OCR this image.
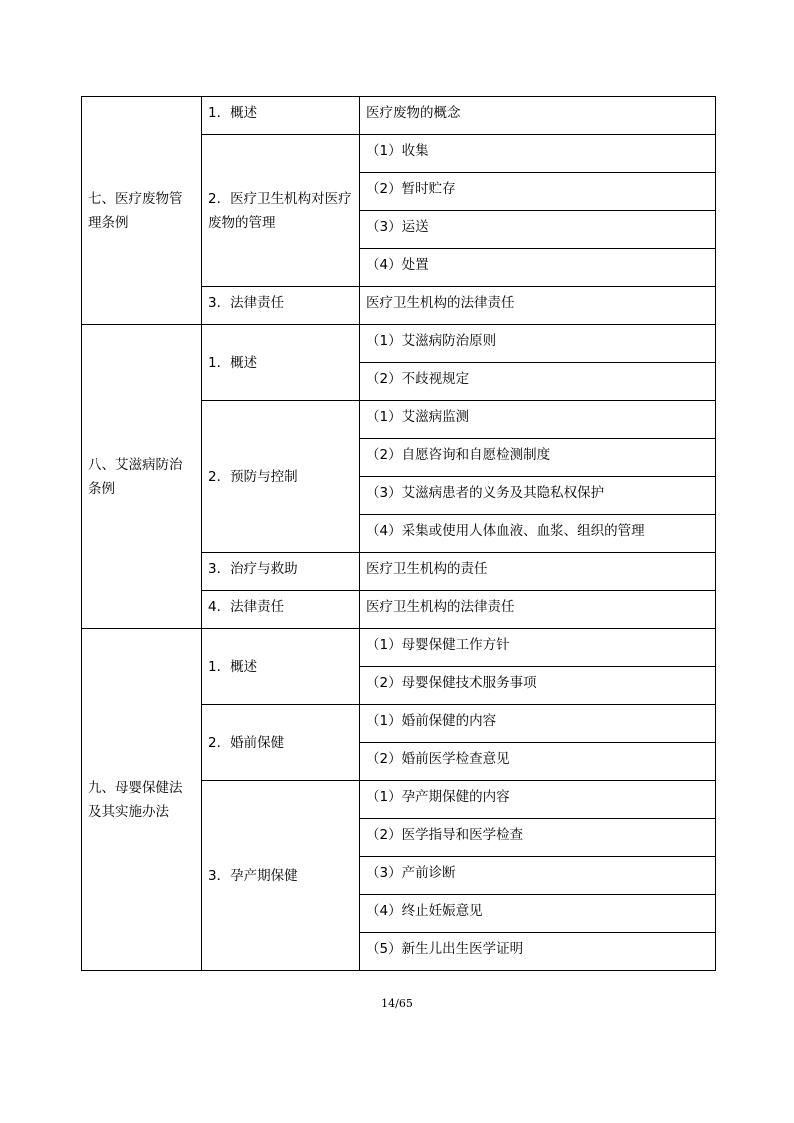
七、医疗废物管理条例	1．概述	医疗废物的概念
	2．医疗卫生机构对医疗废物的管理	（1）收集
		（2）暂时贮存
		（3）运送
		（4）处置
	3．法律责任	医疗卫生机构的法律责任
八、艾滋病防治条例	1．概述	（1）艾滋病防治原则
		（2）不歧视规定
	2．预防与控制	（1）艾滋病监测
		（2）自愿咨询和自愿检测制度
		（3）艾滋病患者的义务及其隐私权保护
		（4）采集或使用人体血液、血浆、组织的管理
	3．治疗与救助	医疗卫生机构的责任
	4．法律责任	医疗卫生机构的法律责任
九、母婴保健法及其实施办法	1．概述	（1）母婴保健工作方针
		（2）母婴保健技术服务事项
	2．婚前保健	（1）婚前保健的内容
		（2）婚前医学检查意见
	3．孕产期保健	（1）孕产期保健的内容
		（2）医学指导和医学检查
		（3）产前诊断
		（4）终止妊娠意见
		（5）新生儿出生医学证明
14/65
